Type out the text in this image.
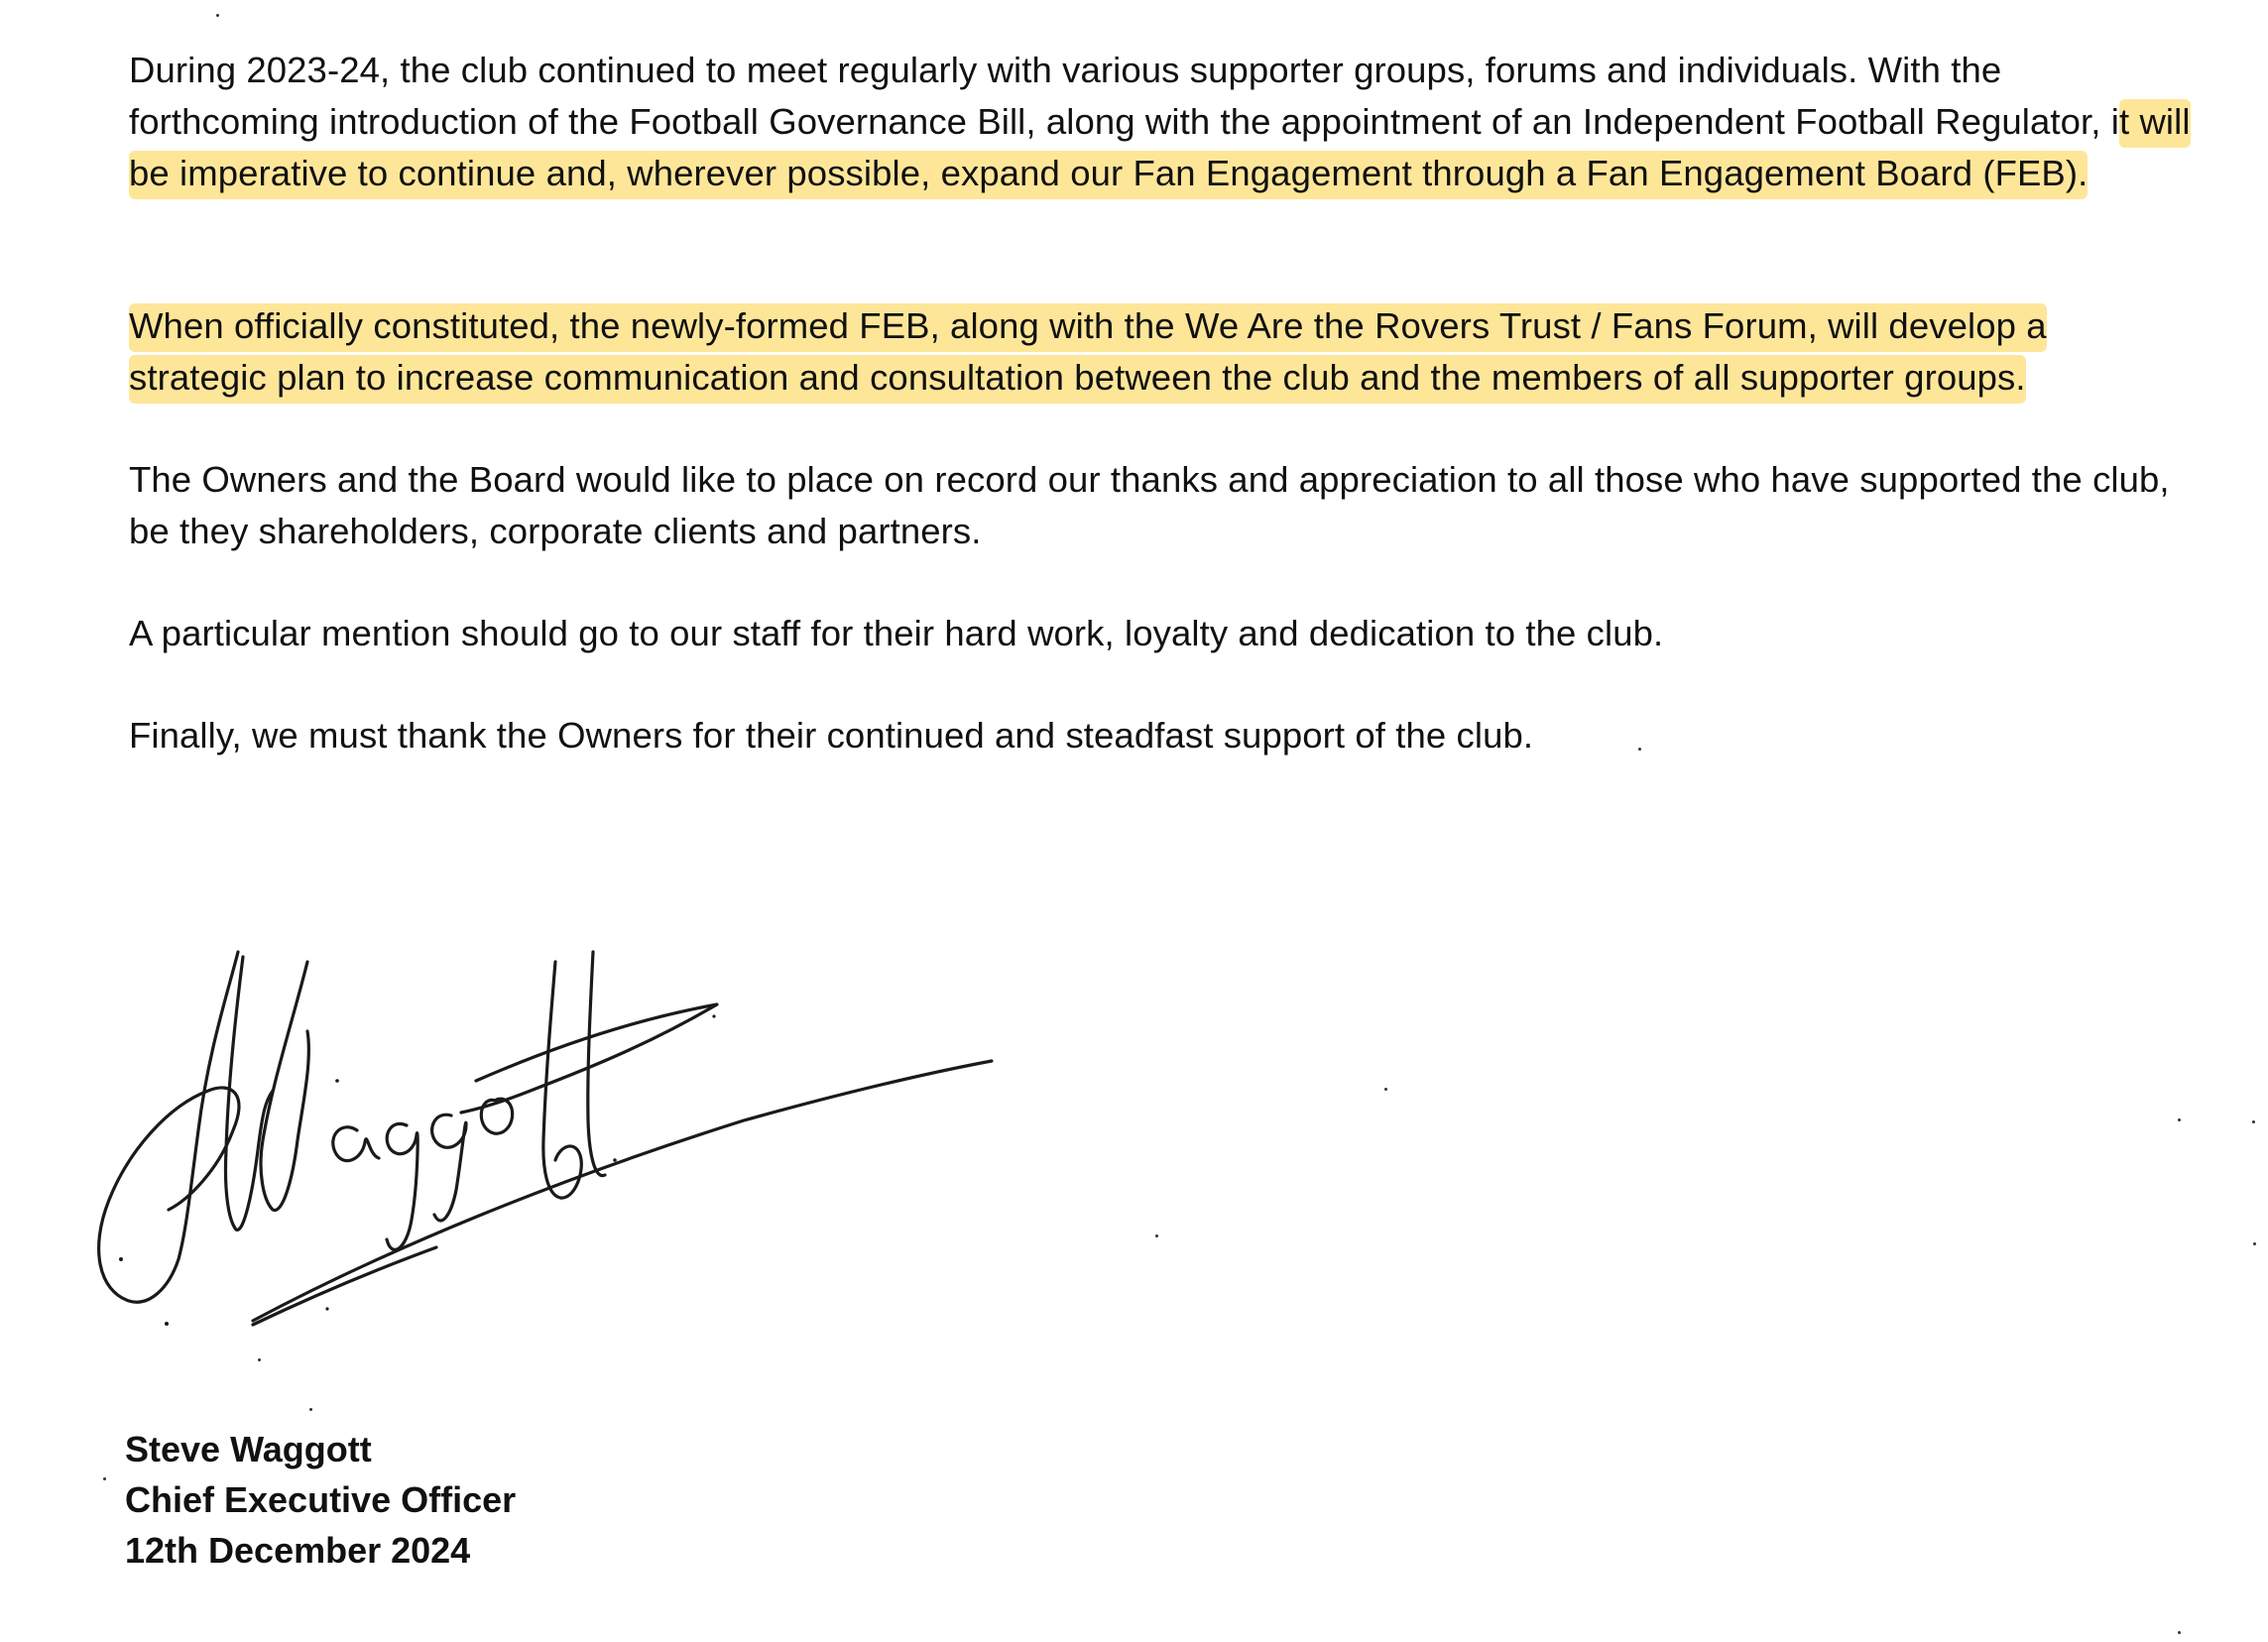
During 2023-24, the club continued to meet regularly with various supporter groups, forums and individuals. With the forthcoming introduction of the Football Governance Bill, along with the appointment of an Independent Football Regulator, it will be imperative to continue and, wherever possible, expand our Fan Engagement through a Fan Engagement Board (FEB).

When officially constituted, the newly-formed FEB, along with the We Are the Rovers Trust / Fans Forum, will develop a strategic plan to increase communication and consultation between the club and the members of all supporter groups.

The Owners and the Board would like to place on record our thanks and appreciation to all those who have supported the club, be they shareholders, corporate clients and partners.

A particular mention should go to our staff for their hard work, loyalty and dedication to the club.

Finally, we must thank the Owners for their continued and steadfast support of the club.

Steve Waggott
Chief Executive Officer
12th December 2024
